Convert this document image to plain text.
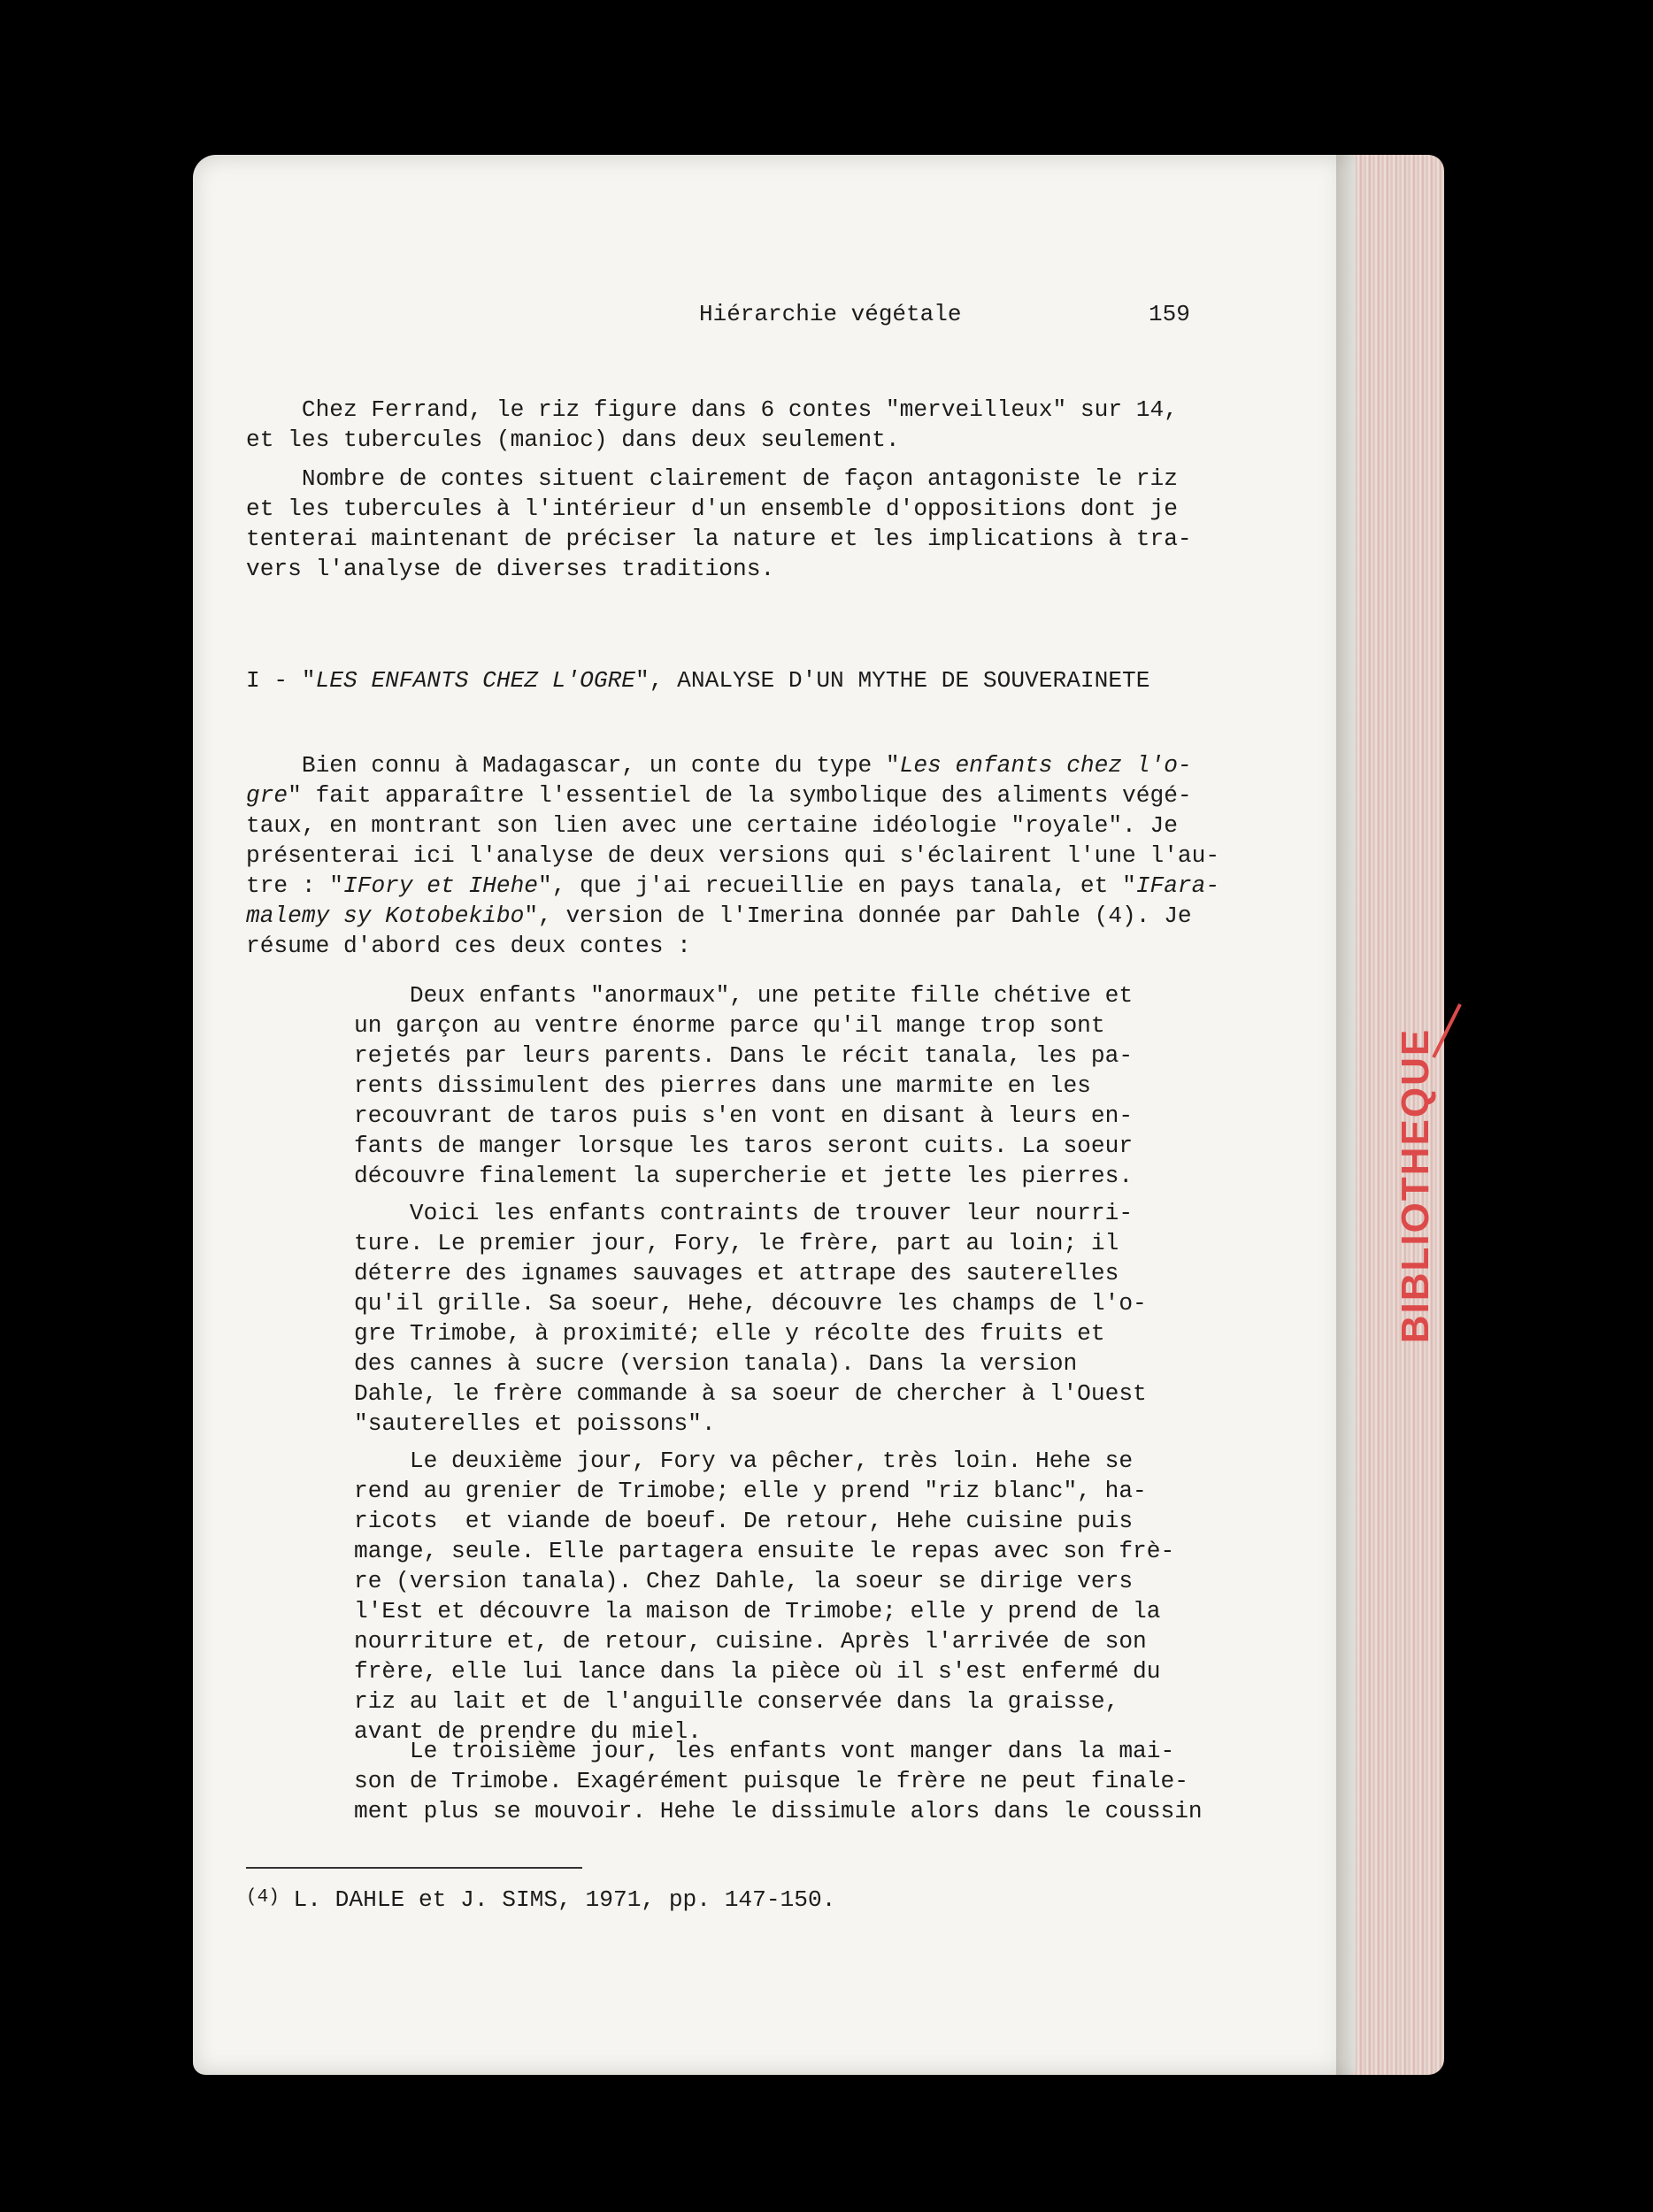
BIBLIOTHEQUE
Hiérarchie végétale	159
Chez Ferrand, le riz figure dans 6 contes "merveilleux" sur 14,
et les tubercules (manioc) dans deux seulement.
Nombre de contes situent clairement de façon antagoniste le riz
et les tubercules à l'intérieur d'un ensemble d'oppositions dont je
tenterai maintenant de préciser la nature et les implications à tra-
vers l'analyse de diverses traditions.
I - "LES ENFANTS CHEZ L'OGRE", ANALYSE D'UN MYTHE DE SOUVERAINETE
Bien connu à Madagascar, un conte du type "Les enfants chez l'o-
gre" fait apparaître l'essentiel de la symbolique des aliments végé-
taux, en montrant son lien avec une certaine idéologie "royale". Je
présenterai ici l'analyse de deux versions qui s'éclairent l'une l'au-
tre : "IFory et IHehe", que j'ai recueillie en pays tanala, et "IFara-
malemy sy Kotobekibo", version de l'Imerina donnée par Dahle (4). Je
résume d'abord ces deux contes :
Deux enfants "anormaux", une petite fille chétive et
un garçon au ventre énorme parce qu'il mange trop sont
rejetés par leurs parents. Dans le récit tanala, les pa-
rents dissimulent des pierres dans une marmite en les
recouvrant de taros puis s'en vont en disant à leurs en-
fants de manger lorsque les taros seront cuits. La soeur
découvre finalement la supercherie et jette les pierres.
Voici les enfants contraints de trouver leur nourri-
ture. Le premier jour, Fory, le frère, part au loin; il
déterre des ignames sauvages et attrape des sauterelles
qu'il grille. Sa soeur, Hehe, découvre les champs de l'o-
gre Trimobe, à proximité; elle y récolte des fruits et
des cannes à sucre (version tanala). Dans la version
Dahle, le frère commande à sa soeur de chercher à l'Ouest
"sauterelles et poissons".
Le deuxième jour, Fory va pêcher, très loin. Hehe se
rend au grenier de Trimobe; elle y prend "riz blanc", ha-
ricots  et viande de boeuf. De retour, Hehe cuisine puis
mange, seule. Elle partagera ensuite le repas avec son frè-
re (version tanala). Chez Dahle, la soeur se dirige vers
l'Est et découvre la maison de Trimobe; elle y prend de la
nourriture et, de retour, cuisine. Après l'arrivée de son
frère, elle lui lance dans la pièce où il s'est enfermé du
riz au lait et de l'anguille conservée dans la graisse,
avant de prendre du miel.
Le troisième jour, les enfants vont manger dans la mai-
son de Trimobe. Exagérément puisque le frère ne peut finale-
ment plus se mouvoir. Hehe le dissimule alors dans le coussin
(4) L. DAHLE et J. SIMS, 1971, pp. 147-150.
